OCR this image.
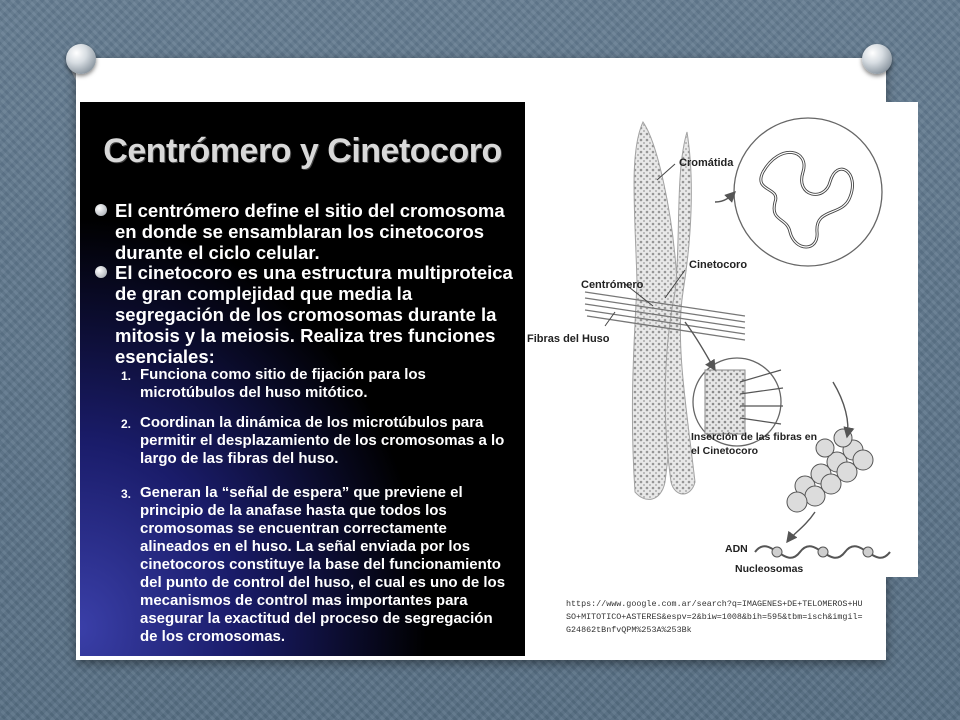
Centrómero y Cinetocoro
El centrómero define el sitio del cromosoma en donde se ensamblaran los cinetocoros durante el ciclo celular.
El cinetocoro es una estructura multiproteica de gran complejidad que media la segregación de los cromosomas durante la mitosis y la meiosis. Realiza tres funciones esenciales:
1. Funciona como sitio de fijación para los microtúbulos del huso mitótico.
2. Coordinan la dinámica de los microtúbulos para permitir el desplazamiento de los cromosomas a lo largo de las fibras del huso.
3. Generan la “señal de espera” que previene el principio de la anafase hasta que todos los cromosomas se encuentran correctamente alineados en el huso. La señal enviada por los cinetocoros constituye la base del funcionamiento del punto de control del huso, el cual es uno de los mecanismos de control mas importantes para asegurar la exactitud del proceso de segregación de los cromosomas.
Cromátida
Cinetocoro
Centrómero
Fibras del Huso
Inserción de las fibras en
el Cinetocoro
ADN
Nucleosomas
https://www.google.com.ar/search?q=IMAGENES+DE+TELOMEROS+HUSO+MITOTICO+ASTERES&espv=2&biw=1008&bih=595&tbm=isch&imgil=G24862tBnfvQPM%253A%253Bk
